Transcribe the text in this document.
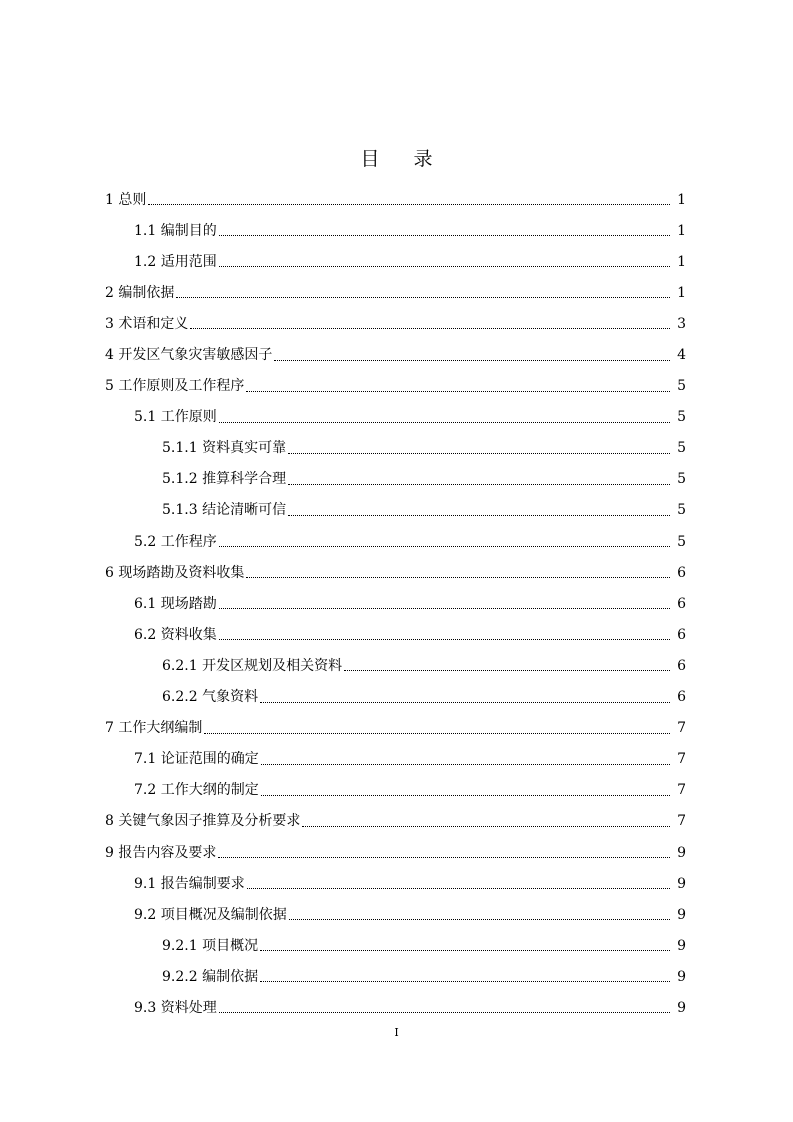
目 录
1 总则	1
1.1 编制目的	1
1.2 适用范围	1
2 编制依据	1
3 术语和定义	3
4 开发区气象灾害敏感因子	4
5 工作原则及工作程序	5
5.1 工作原则	5
5.1.1 资料真实可靠	5
5.1.2 推算科学合理	5
5.1.3 结论清晰可信	5
5.2 工作程序	5
6 现场踏勘及资料收集	6
6.1 现场踏勘	6
6.2 资料收集	6
6.2.1 开发区规划及相关资料	6
6.2.2 气象资料	6
7 工作大纲编制	7
7.1 论证范围的确定	7
7.2 工作大纲的制定	7
8 关键气象因子推算及分析要求	7
9 报告内容及要求	9
9.1 报告编制要求	9
9.2 项目概况及编制依据	9
9.2.1 项目概况	9
9.2.2 编制依据	9
9.3 资料处理	9
I
